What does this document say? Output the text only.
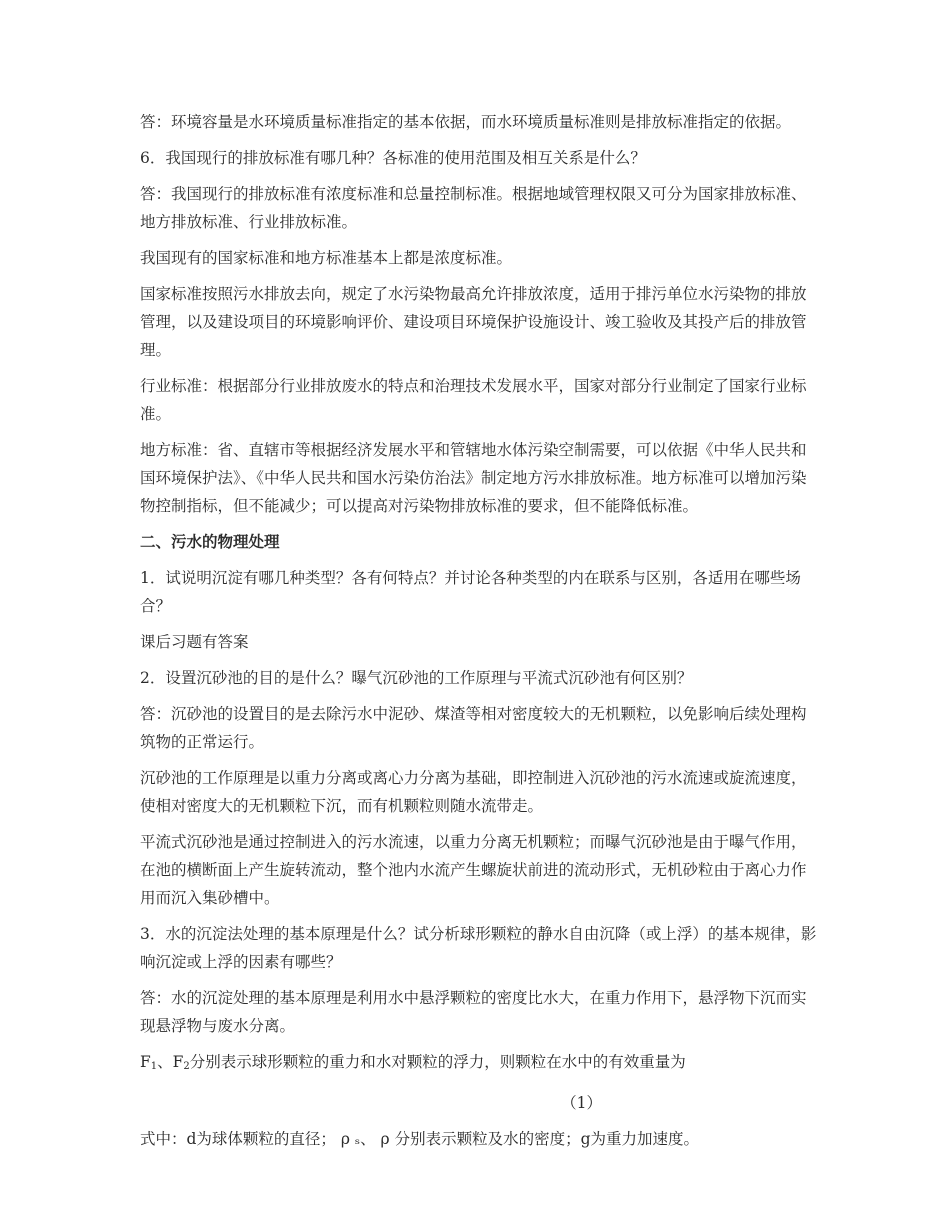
答：环境容量是水环境质量标准指定的基本依据，而水环境质量标准则是排放标准指定的依据。

6．我国现行的排放标准有哪几种？各标准的使用范围及相互关系是什么？

答：我国现行的排放标准有浓度标准和总量控制标准。根据地域管理权限又可分为国家排放标准、地方排放标准、行业排放标准。

我国现有的国家标准和地方标准基本上都是浓度标准。

国家标准按照污水排放去向，规定了水污染物最高允许排放浓度，适用于排污单位水污染物的排放管理，以及建设项目的环境影响评价、建设项目环境保护设施设计、竣工验收及其投产后的排放管理。

行业标准：根据部分行业排放废水的特点和治理技术发展水平，国家对部分行业制定了国家行业标准。

地方标准：省、直辖市等根据经济发展水平和管辖地水体污染空制需要，可以依据《中华人民共和国环境保护法》、《中华人民共和国水污染仿治法》制定地方污水排放标准。地方标准可以增加污染物控制指标，但不能减少；可以提高对污染物排放标准的要求，但不能降低标准。

二、污水的物理处理

1．试说明沉淀有哪几种类型？各有何特点？并讨论各种类型的内在联系与区别，各适用在哪些场合？

课后习题有答案

2．设置沉砂池的目的是什么？曝气沉砂池的工作原理与平流式沉砂池有何区别？

答：沉砂池的设置目的是去除污水中泥砂、煤渣等相对密度较大的无机颗粒，以免影响后续处理构筑物的正常运行。

沉砂池的工作原理是以重力分离或离心力分离为基础，即控制进入沉砂池的污水流速或旋流速度，使相对密度大的无机颗粒下沉，而有机颗粒则随水流带走。

平流式沉砂池是通过控制进入的污水流速，以重力分离无机颗粒；而曝气沉砂池是由于曝气作用，在池的横断面上产生旋转流动，整个池内水流产生螺旋状前进的流动形式，无机砂粒由于离心力作用而沉入集砂槽中。

3．水的沉淀法处理的基本原理是什么？试分析球形颗粒的静水自由沉降（或上浮）的基本规律，影响沉淀或上浮的因素有哪些？

答：水的沉淀处理的基本原理是利用水中悬浮颗粒的密度比水大，在重力作用下，悬浮物下沉而实现悬浮物与废水分离。

$F_1$、$F_2$分别表示球形颗粒的重力和水对颗粒的浮力，则颗粒在水中的有效重量为

（1）

式中：d为球体颗粒的直径； ρ ₛ、 ρ 分别表示颗粒及水的密度；g为重力加速度。
